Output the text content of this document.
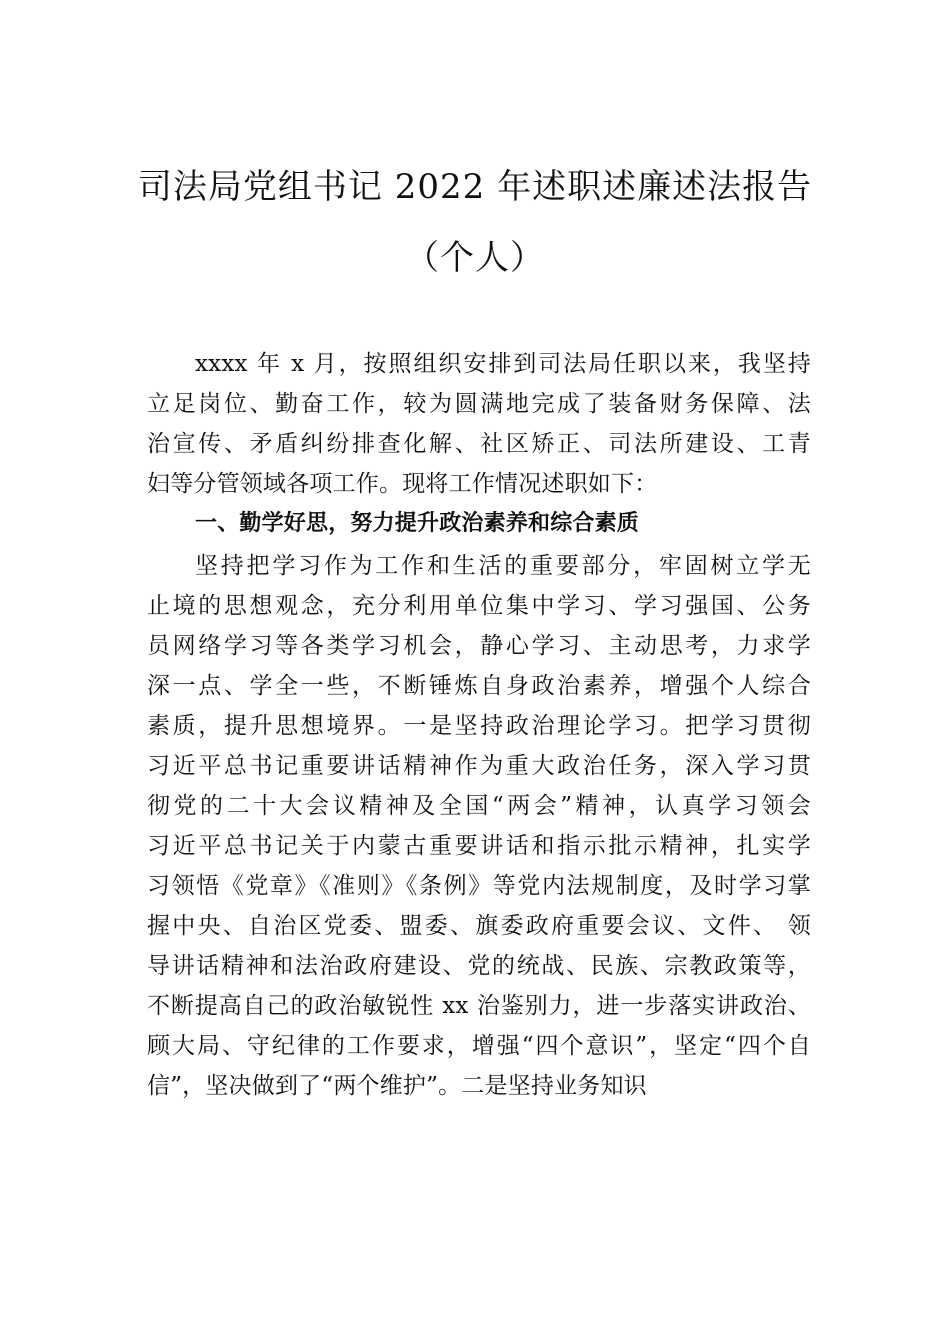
司法局党组书记 2022 年述职述廉述法报告
（个人）
xxxx 年 x 月，按照组织安排到司法局任职以来，我坚持
立足岗位、勤奋工作，较为圆满地完成了装备财务保障、法
治宣传、矛盾纠纷排查化解、社区矫正、司法所建设、工青
妇等分管领域各项工作。现将工作情况述职如下：
一、勤学好思，努力提升政治素养和综合素质
坚持把学习作为工作和生活的重要部分，牢固树立学无
止境的思想观念，充分利用单位集中学习、学习强国、公务
员网络学习等各类学习机会，静心学习、主动思考，力求学
深一点、学全一些，不断锤炼自身政治素养，增强个人综合
素质，提升思想境界。一是坚持政治理论学习。把学习贯彻
习近平总书记重要讲话精神作为重大政治任务，深入学习贯
彻党的二十大会议精神及全国“两会”精神，认真学习领会
习近平总书记关于内蒙古重要讲话和指示批示精神，扎实学
习领悟《党章》《准则》《条例》等党内法规制度，及时学习掌
握中央、自治区党委、盟委、旗委政府重要会议、文件、 领
导讲话精神和法治政府建设、党的统战、民族、宗教政策等，
不断提高自己的政治敏锐性 xx 治鉴别力，进一步落实讲政治、
顾大局、守纪律的工作要求，增强“四个意识”，坚定“四个自
信”，坚决做到了“两个维护”。二是坚持业务知识
